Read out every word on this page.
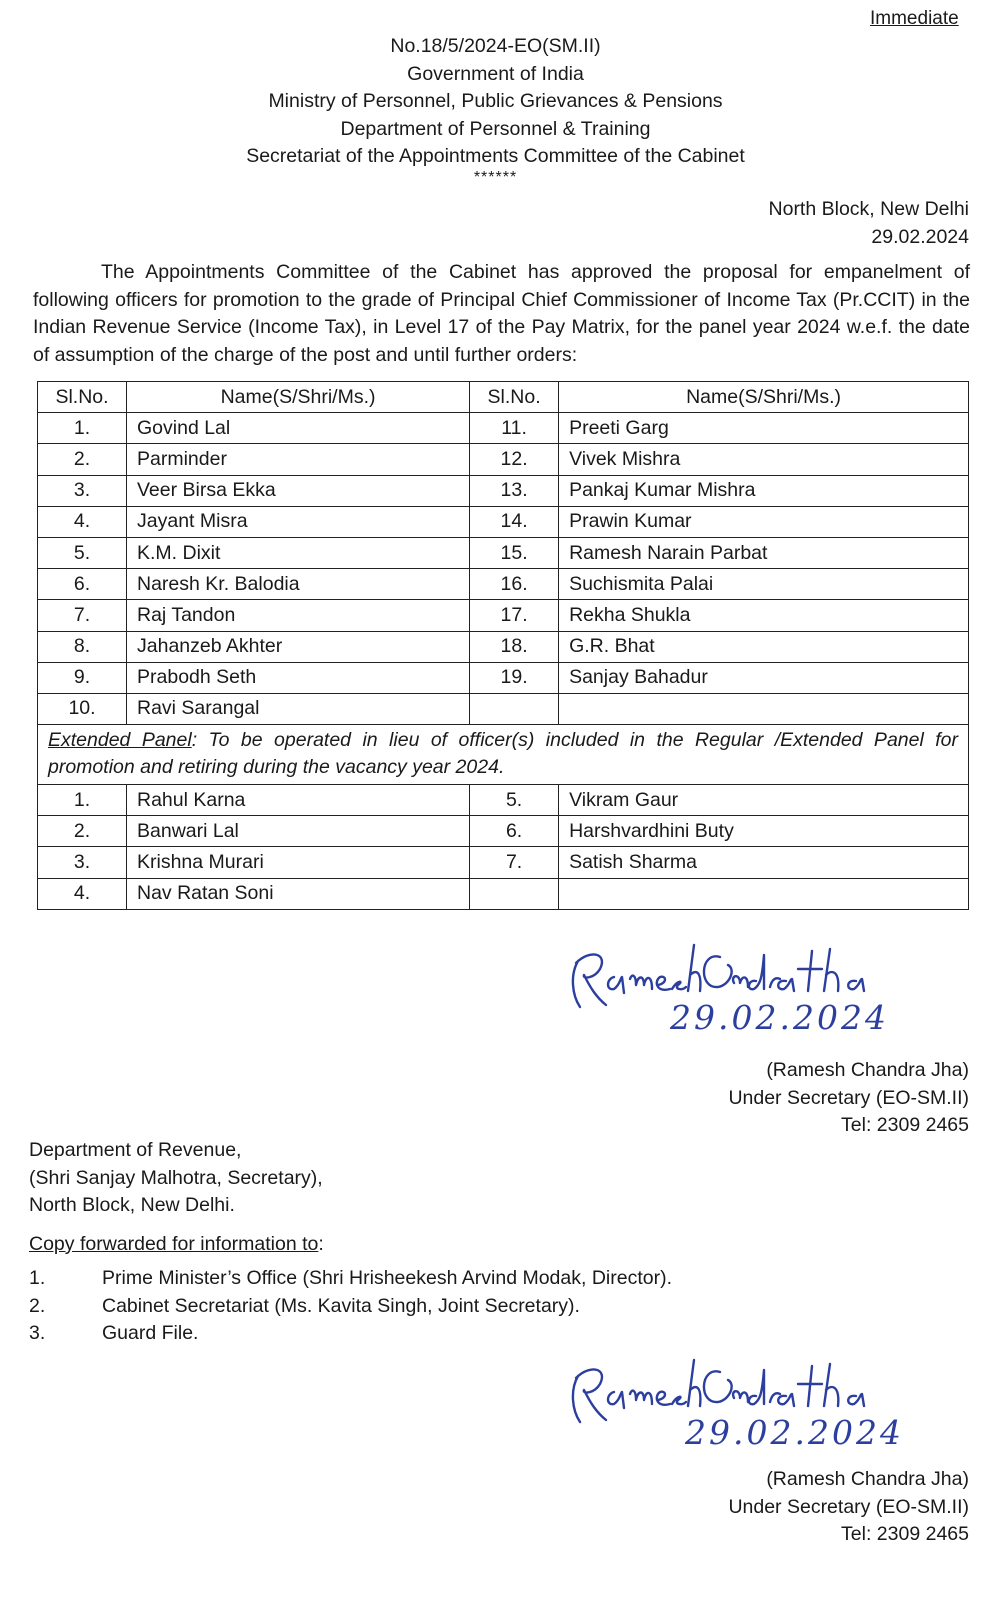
Immediate
No.18/5/2024-EO(SM.II)
Government of India
Ministry of Personnel, Public Grievances & Pensions
Department of Personnel & Training
Secretariat of the Appointments Committee of the Cabinet
******
North Block, New Delhi
29.02.2024
The Appointments Committee of the Cabinet has approved the proposal for empanelment of following officers for promotion to the grade of Principal Chief Commissioner of Income Tax (Pr.CCIT) in the Indian Revenue Service (Income Tax), in Level 17 of the Pay Matrix, for the panel year 2024 w.e.f. the date of assumption of the charge of the post and until further orders:
Sl.No.	Name(S/Shri/Ms.)	Sl.No.	Name(S/Shri/Ms.)
1.	Govind Lal	11.	Preeti Garg
2.	Parminder	12.	Vivek Mishra
3.	Veer Birsa Ekka	13.	Pankaj Kumar Mishra
4.	Jayant Misra	14.	Prawin Kumar
5.	K.M. Dixit	15.	Ramesh Narain Parbat
6.	Naresh Kr. Balodia	16.	Suchismita Palai
7.	Raj Tandon	17.	Rekha Shukla
8.	Jahanzeb Akhter	18.	G.R. Bhat
9.	Prabodh Seth	19.	Sanjay Bahadur
10.	Ravi Sarangal		
Extended Panel: To be operated in lieu of officer(s) included in the Regular /Extended Panel for promotion and retiring during the vacancy year 2024.			
1.	Rahul Karna	5.	Vikram Gaur
2.	Banwari Lal	6.	Harshvardhini Buty
3.	Krishna Murari	7.	Satish Sharma
4.	Nav Ratan Soni		
29.02.2024
(Ramesh Chandra Jha)
Under Secretary (EO-SM.II)
Tel: 2309 2465
Department of Revenue,
(Shri Sanjay Malhotra, Secretary),
North Block, New Delhi.
Copy forwarded for information to:
1.	Prime Minister’s Office (Shri Hrisheekesh Arvind Modak, Director).
2.	Cabinet Secretariat (Ms. Kavita Singh, Joint Secretary).
3.	Guard File.
29.02.2024
(Ramesh Chandra Jha)
Under Secretary (EO-SM.II)
Tel: 2309 2465
